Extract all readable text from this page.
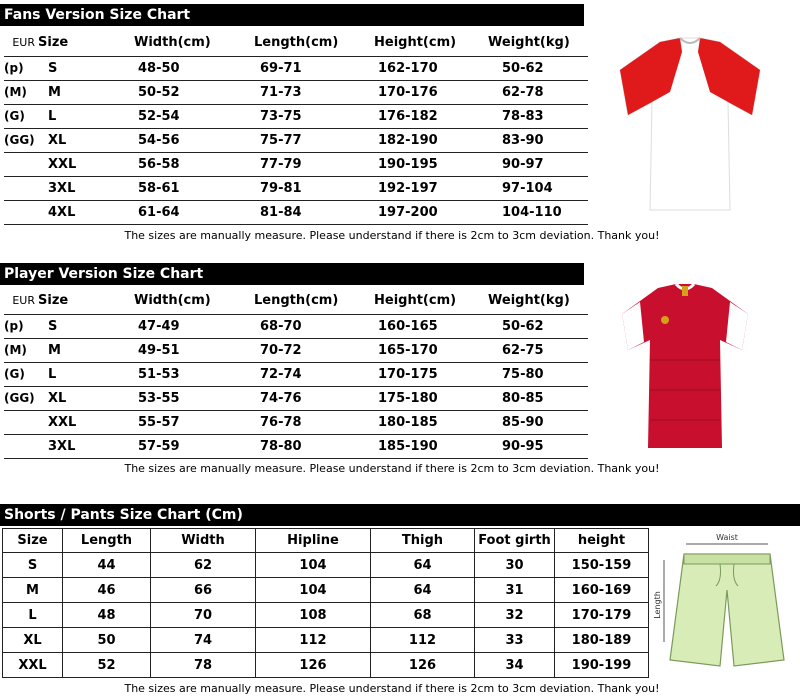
Fans Version Size Chart
EUR	Size	Width(cm)	Length(cm)	Height(cm)	Weight(kg)
(p)	S	48-50	69-71	162-170	50-62
(M)	M	50-52	71-73	170-176	62-78
(G)	L	52-54	73-75	176-182	78-83
(GG)	XL	54-56	75-77	182-190	83-90
	XXL	56-58	77-79	190-195	90-97
	3XL	58-61	79-81	192-197	97-104
	4XL	61-64	81-84	197-200	104-110
The sizes are manually measure. Please understand if there is 2cm to 3cm deviation. Thank you!
Player Version Size Chart
EUR	Size	Width(cm)	Length(cm)	Height(cm)	Weight(kg)
(p)	S	47-49	68-70	160-165	50-62
(M)	M	49-51	70-72	165-170	62-75
(G)	L	51-53	72-74	170-175	75-80
(GG)	XL	53-55	74-76	175-180	80-85
	XXL	55-57	76-78	180-185	85-90
	3XL	57-59	78-80	185-190	90-95
The sizes are manually measure. Please understand if there is 2cm to 3cm deviation. Thank you!
Shorts / Pants Size Chart (Cm)
Size	Length	Width	Hipline	Thigh	Foot girth	height
S	44	62	104	64	30	150-159
M	46	66	104	64	31	160-169
L	48	70	108	68	32	170-179
XL	50	74	112	112	33	180-189
XXL	52	78	126	126	34	190-199
Waist
Length
The sizes are manually measure. Please understand if there is 2cm to 3cm deviation. Thank you!
